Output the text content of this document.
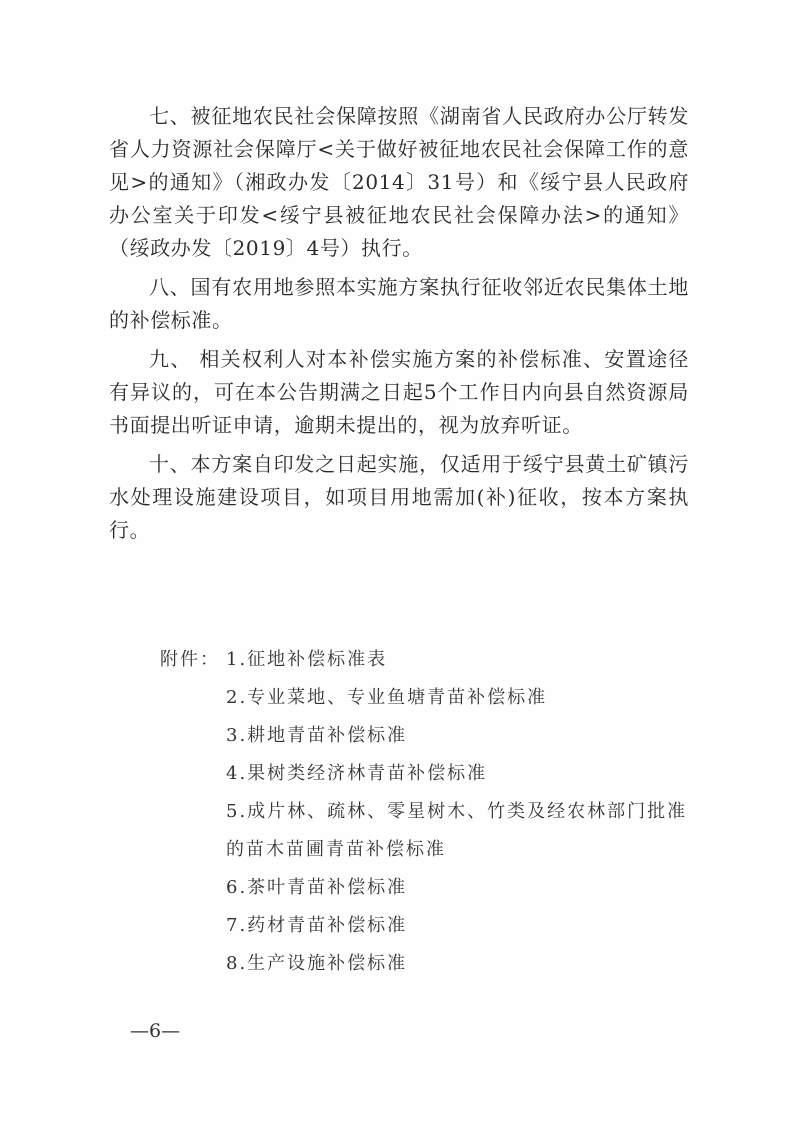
七、被征地农民社会保障按照《湖南省人民政府办公厅转发省人力资源社会保障厅<关于做好被征地农民社会保障工作的意见>的通知》（湘政办发〔2014〕31号）和《绥宁县人民政府办公室关于印发<绥宁县被征地农民社会保障办法>的通知》（绥政办发〔2019〕4号）执行。

八、国有农用地参照本实施方案执行征收邻近农民集体土地的补偿标准。

九、 相关权利人对本补偿实施方案的补偿标准、安置途径有异议的，可在本公告期满之日起5个工作日内向县自然资源局书面提出听证申请，逾期未提出的，视为放弃听证。

十、本方案自印发之日起实施，仅适用于绥宁县黄土矿镇污水处理设施建设项目，如项目用地需加(补)征收，按本方案执行。

附件： 1.征地补偿标准表
2.专业菜地、专业鱼塘青苗补偿标准
3.耕地青苗补偿标准
4.果树类经济林青苗补偿标准
5.成片林、疏林、零星树木、竹类及经农林部门批准的苗木苗圃青苗补偿标准
6.茶叶青苗补偿标准
7.药材青苗补偿标准
8.生产设施补偿标准
—6—
